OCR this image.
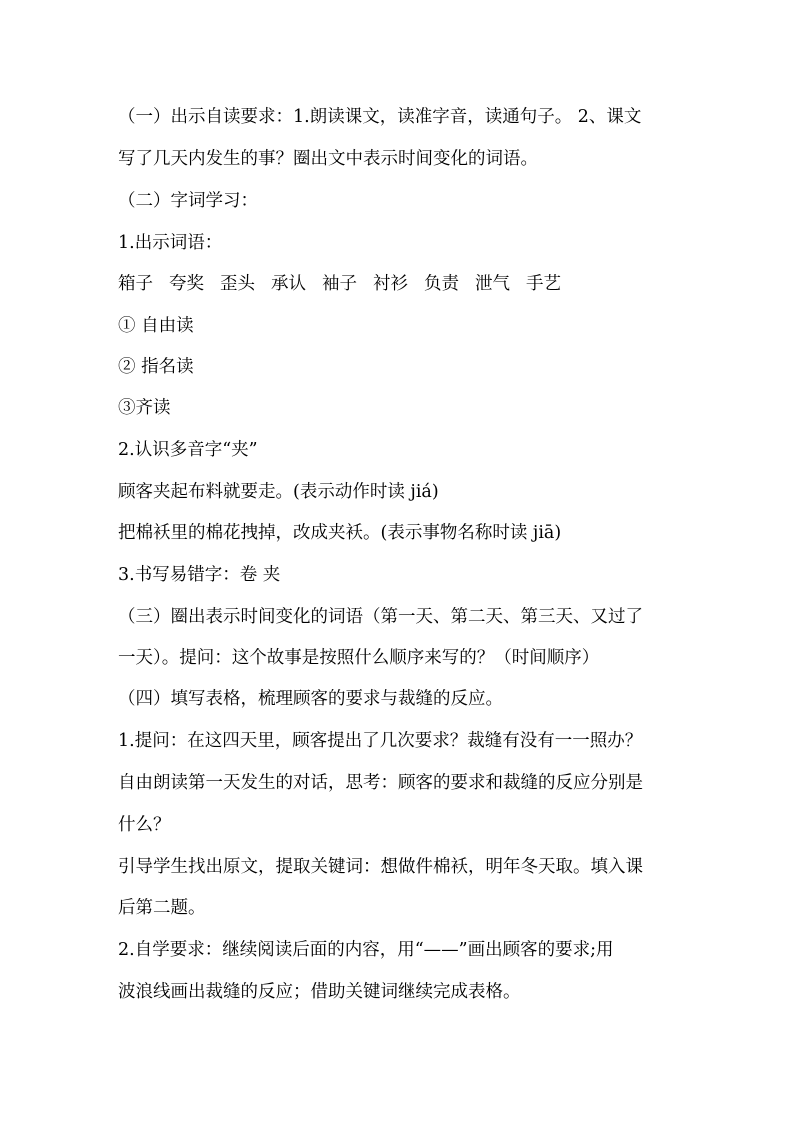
（一）出示自读要求：1.朗读课文，读准字音，读通句子。 2、课文
写了几天内发生的事？圈出文中表示时间变化的词语。
（二）字词学习：
1.出示词语：
箱子 夸奖 歪头 承认 袖子 衬衫 负责 泄气 手艺
① 自由读
② 指名读
③齐读
2.认识多音字“夹”
顾客夹起布料就要走。(表示动作时读 jiá)
把棉袄里的棉花拽掉，改成夹袄。(表示事物名称时读 jiā)
3.书写易错字：卷 夹
（三）圈出表示时间变化的词语（第一天、第二天、第三天、又过了
一天）。提问：这个故事是按照什么顺序来写的？（时间顺序）
（四）填写表格，梳理顾客的要求与裁缝的反应。
1.提问：在这四天里，顾客提出了几次要求？裁缝有没有一一照办？
自由朗读第一天发生的对话，思考：顾客的要求和裁缝的反应分别是
什么？
引导学生找出原文，提取关键词：想做件棉袄，明年冬天取。填入课
后第二题。
2.自学要求：继续阅读后面的内容，用“——”画出顾客的要求;用
波浪线画出裁缝的反应；借助关键词继续完成表格。
